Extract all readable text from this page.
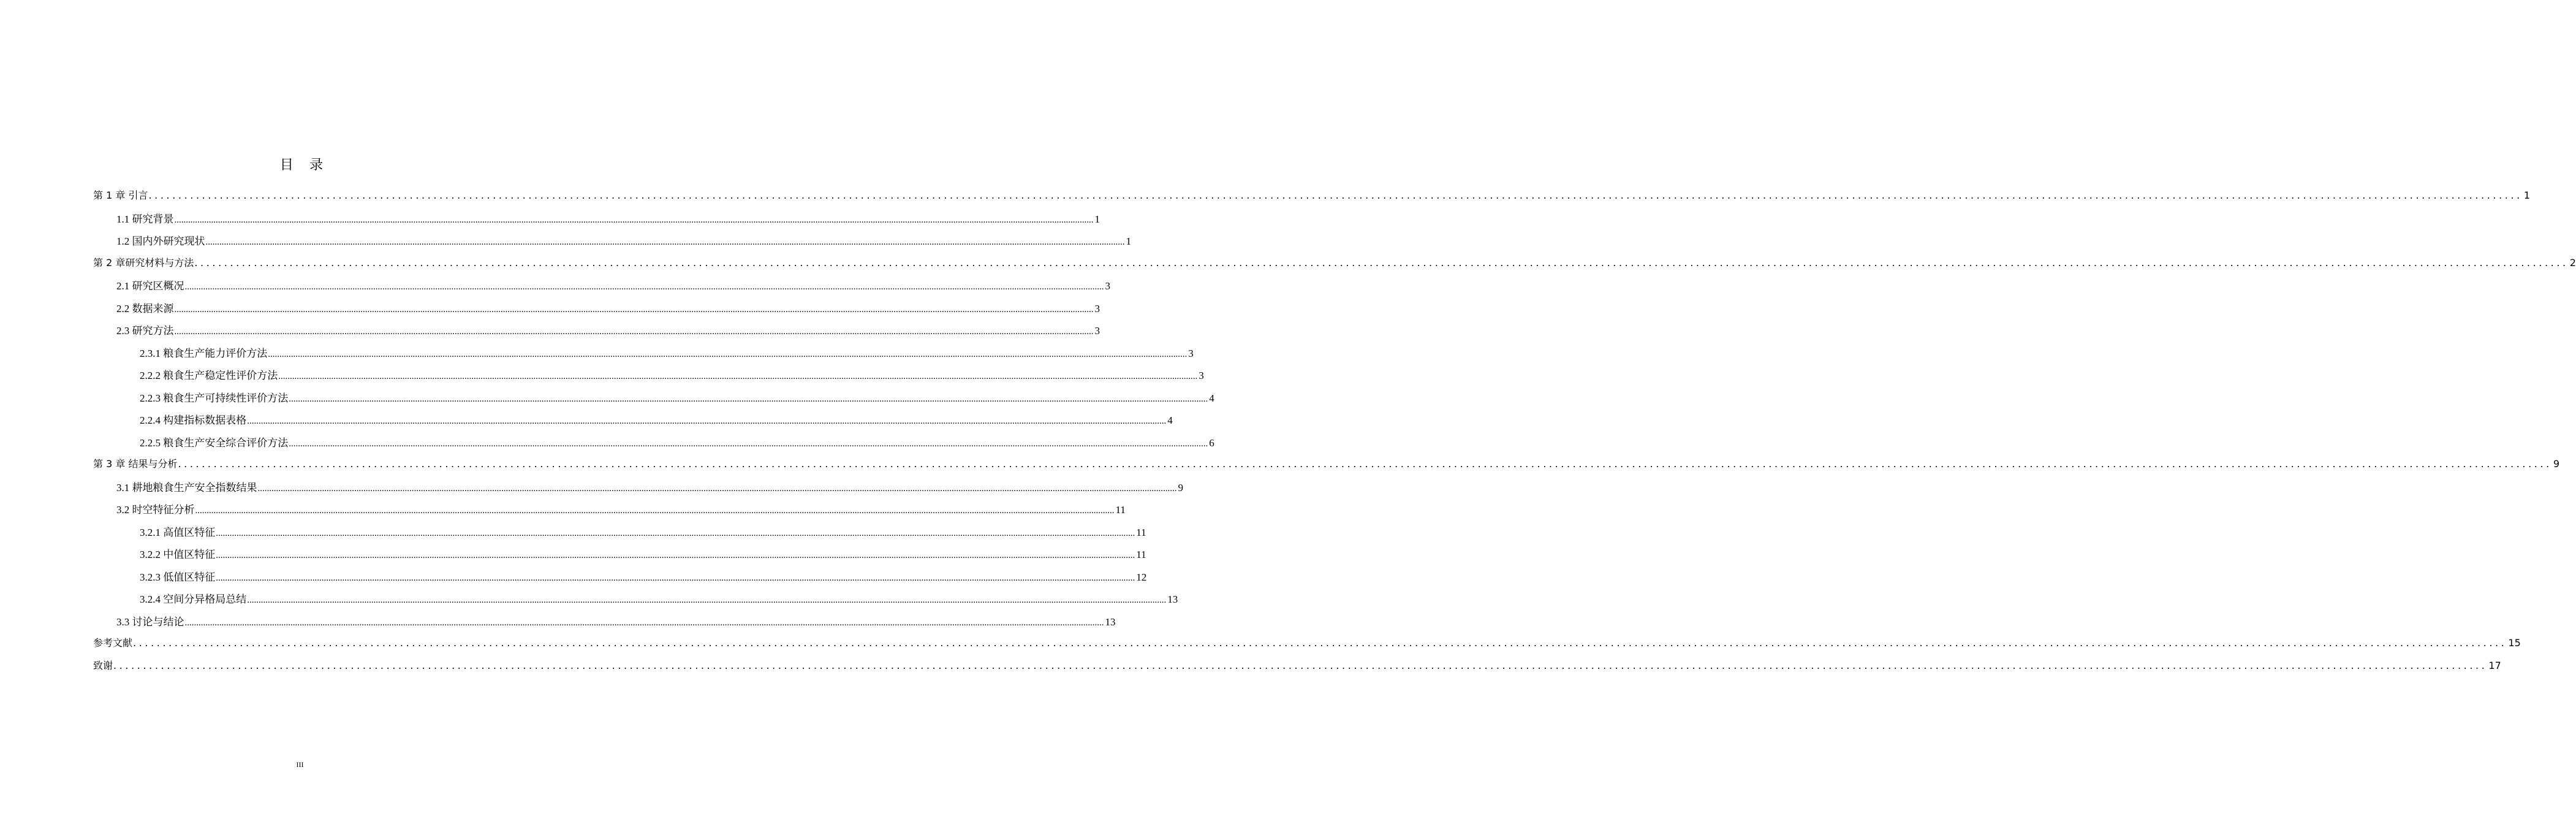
目　录
第 1 章 引言 ................................................................................................................................................................................................................................................................................................................................................................................................................ 1
1.1 研究背景 ................................................................................................................................................................................................................................................................................................................................................................................................................ 1
1.2 国内外研究现状 ................................................................................................................................................................................................................................................................................................................................................................................................................ 1
第 2 章研究材料与方法 ................................................................................................................................................................................................................................................................................................................................................................................................................ 2
2.1 研究区概况 ................................................................................................................................................................................................................................................................................................................................................................................................................ 3
2.2 数据来源 ................................................................................................................................................................................................................................................................................................................................................................................................................ 3
2.3 研究方法 ................................................................................................................................................................................................................................................................................................................................................................................................................ 3
2.3.1 粮食生产能力评价方法 ................................................................................................................................................................................................................................................................................................................................................................................................................ 3
2.2.2 粮食生产稳定性评价方法 ................................................................................................................................................................................................................................................................................................................................................................................................................ 3
2.2.3 粮食生产可持续性评价方法 ................................................................................................................................................................................................................................................................................................................................................................................................................ 4
2.2.4 构建指标数据表格 ................................................................................................................................................................................................................................................................................................................................................................................................................ 4
2.2.5 粮食生产安全综合评价方法 ................................................................................................................................................................................................................................................................................................................................................................................................................ 6
第 3 章 结果与分析 ................................................................................................................................................................................................................................................................................................................................................................................................................ 9
3.1 耕地粮食生产安全指数结果 ................................................................................................................................................................................................................................................................................................................................................................................................................ 9
3.2 时空特征分析 ................................................................................................................................................................................................................................................................................................................................................................................................................ 11
3.2.1 高值区特征 ................................................................................................................................................................................................................................................................................................................................................................................................................ 11
3.2.2 中值区特征 ................................................................................................................................................................................................................................................................................................................................................................................................................ 11
3.2.3 低值区特征 ................................................................................................................................................................................................................................................................................................................................................................................................................ 12
3.2.4 空间分异格局总结 ................................................................................................................................................................................................................................................................................................................................................................................................................ 13
3.3 讨论与结论 ................................................................................................................................................................................................................................................................................................................................................................................................................ 13
参考文献 ................................................................................................................................................................................................................................................................................................................................................................................................................ 15
致谢 ................................................................................................................................................................................................................................................................................................................................................................................................................ 17
III
